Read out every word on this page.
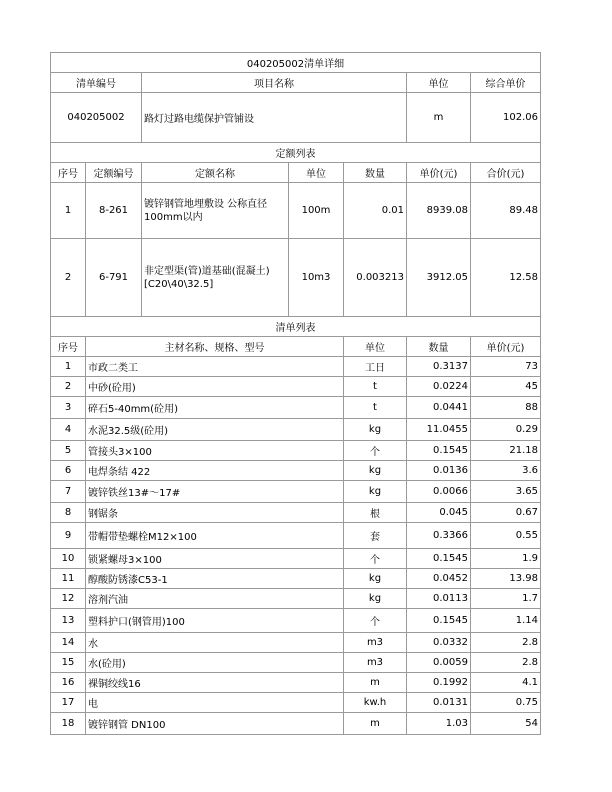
040205002清单详细							
清单编号		项目名称			单位	综合单价	
040205002		路灯过路电缆保护管铺设			m	102.06	
定额列表							
序号	定额编号	定额名称	单位	数量	单价(元)	合价(元)	
1	8-261	镀锌钢管地埋敷设 公称直径100mm以内	100m	0.01	8939.08	89.48	
2	6-791	非定型渠(管)道基础(混凝土)[C20\40\32.5]	10m3	0.003213	3912.05	12.58	
清单列表							
序号	主材名称、规格、型号			单位	数量	单价(元)	
1	市政二类工			工日	0.3137	73	
2	中砂(砼用)			t	0.0224	45	
3	碎石5-40mm(砼用)			t	0.0441	88	
4	水泥32.5级(砼用)			kg	11.0455	0.29	
5	管接头3×100			个	0.1545	21.18	
6	电焊条结 422			kg	0.0136	3.6	
7	镀锌铁丝13#～17#			kg	0.0066	3.65	
8	钢锯条			根	0.045	0.67	
9	带帽带垫螺栓M12×100			套	0.3366	0.55	
10	锁紧螺母3×100			个	0.1545	1.9	
11	醇酸防锈漆C53-1			kg	0.0452	13.98	
12	溶剂汽油			kg	0.0113	1.7	
13	塑料护口(钢管用)100			个	0.1545	1.14	
14	水			m3	0.0332	2.8	
15	水(砼用)			m3	0.0059	2.8	
16	裸铜绞线16			m	0.1992	4.1	
17	电			kw.h	0.0131	0.75	
18	镀锌钢管 DN100			m	1.03	54	
